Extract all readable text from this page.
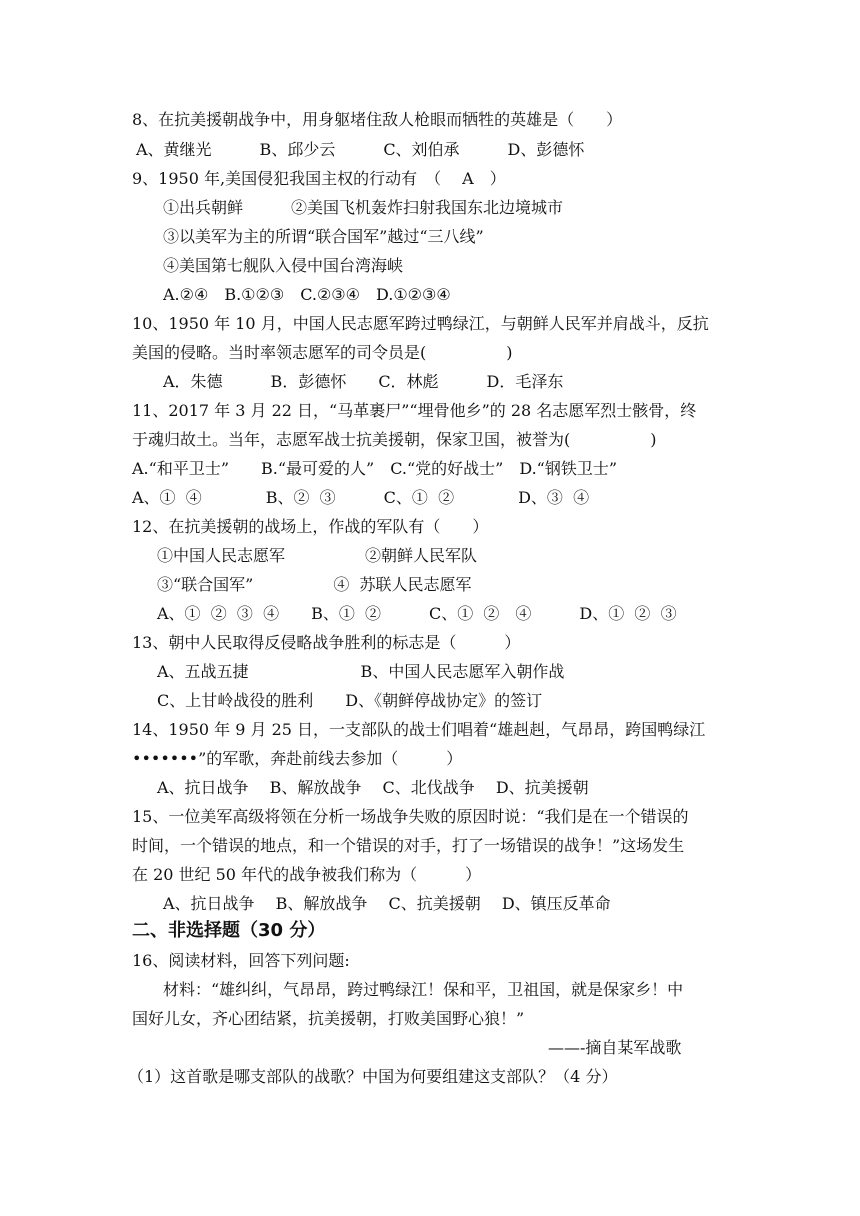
8、在抗美援朝战争中，用身躯堵住敌人枪眼而牺牲的英雄是（　　）
A、黄继光　　　B、邱少云　　　C、刘伯承　　　D、彭德怀
9、1950 年,美国侵犯我国主权的行动有　（　 A　）
①出兵朝鲜　　　②美国飞机轰炸扫射我国东北边境城市
③以美军为主的所谓“联合国军”越过“三八线”
④美国第七舰队入侵中国台湾海峡
A.②④　B.①②③　C.②③④　D.①②③④
10、1950 年 10 月，中国人民志愿军跨过鸭绿江，与朝鲜人民军并肩战斗，反抗
美国的侵略。当时率领志愿军的司令员是(　　　　　)
A．朱德　　　B．彭德怀　　C．林彪　　　D．毛泽东
11、2017 年 3 月 22 日，“马革裹尸”“埋骨他乡”的 28 名志愿军烈士骸骨，终
于魂归故土。当年，志愿军战士抗美援朝，保家卫国，被誉为(　　　　　)
A.“和平卫士”　　B.“最可爱的人”　C.“党的好战士”　D.“钢铁卫士”
A、①  ④　　　　B、②  ③　　　C、①  ②　　　　D、③  ④
12、在抗美援朝的战场上，作战的军队有（　　）
①中国人民志愿军　　　　　②朝鲜人民军队
③“联合国军”　　　　　④  苏联人民志愿军
A、①  ②  ③  ④　　B、①  ②　　　C、①  ②　④　　　D、①  ②  ③
13、朝中人民取得反侵略战争胜利的标志是（　　　）
A、五战五捷　　　　　　　B、中国人民志愿军入朝作战
C、上甘岭战役的胜利　　D、《朝鲜停战协定》的签订
14、1950 年 9 月 25 日，一支部队的战士们唱着“雄赳赳，气昂昂，跨国鸭绿江
•••••••”的军歌，奔赴前线去参加（　　　）
A、抗日战争　 B、解放战争　 C、北伐战争　 D、抗美援朝
15、一位美军高级将领在分析一场战争失败的原因时说：“我们是在一个错误的
时间，一个错误的地点，和一个错误的对手，打了一场错误的战争！”这场发生
在 20 世纪 50 年代的战争被我们称为（　　　）
A、抗日战争　 B、解放战争　 C、抗美援朝　 D、镇压反革命
二、非选择题（30 分）
16、阅读材料，回答下列问题:
材料：“雄纠纠，气昂昂，跨过鸭绿江！保和平，卫祖国，就是保家乡！中
国好儿女，齐心团结紧，抗美援朝，打败美国野心狼！”
——-摘自某军战歌
（1）这首歌是哪支部队的战歌？中国为何要组建这支部队？（4 分）
